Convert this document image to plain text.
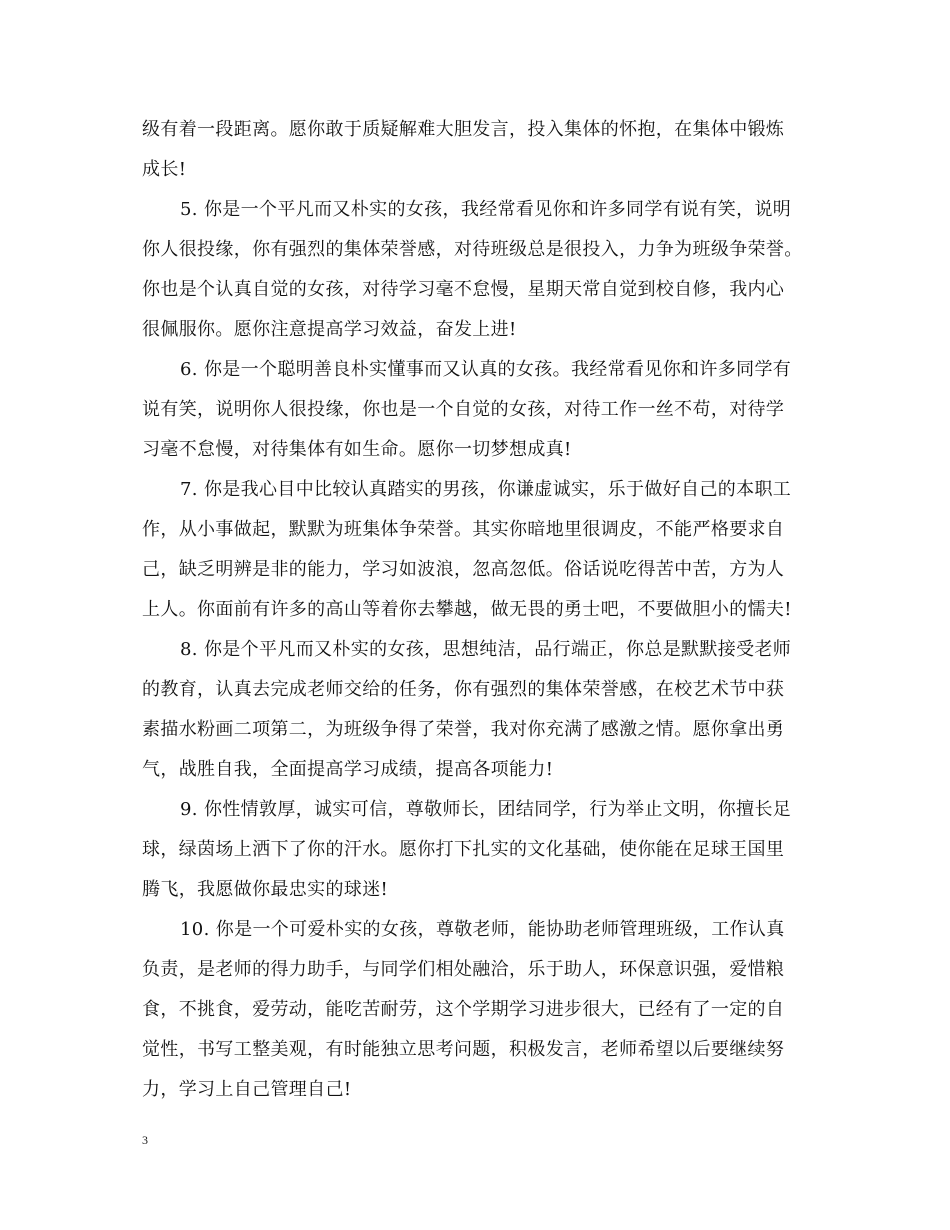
级有着一段距离。愿你敢于质疑解难大胆发言，投入集体的怀抱，在集体中锻炼
成长!
5. 你是一个平凡而又朴实的女孩，我经常看见你和许多同学有说有笑，说明
你人很投缘，你有强烈的集体荣誉感，对待班级总是很投入，力争为班级争荣誉。
你也是个认真自觉的女孩，对待学习毫不怠慢，星期天常自觉到校自修，我内心
很佩服你。愿你注意提高学习效益，奋发上进!
6. 你是一个聪明善良朴实懂事而又认真的女孩。我经常看见你和许多同学有
说有笑，说明你人很投缘，你也是一个自觉的女孩，对待工作一丝不苟，对待学
习毫不怠慢，对待集体有如生命。愿你一切梦想成真!
7. 你是我心目中比较认真踏实的男孩，你谦虚诚实，乐于做好自己的本职工
作，从小事做起，默默为班集体争荣誉。其实你暗地里很调皮，不能严格要求自
己，缺乏明辨是非的能力，学习如波浪，忽高忽低。俗话说吃得苦中苦，方为人
上人。你面前有许多的高山等着你去攀越，做无畏的勇士吧，不要做胆小的懦夫!
8. 你是个平凡而又朴实的女孩，思想纯洁，品行端正，你总是默默接受老师
的教育，认真去完成老师交给的任务，你有强烈的集体荣誉感，在校艺术节中获
素描水粉画二项第二，为班级争得了荣誉，我对你充满了感激之情。愿你拿出勇
气，战胜自我，全面提高学习成绩，提高各项能力!
9. 你性情敦厚，诚实可信，尊敬师长，团结同学，行为举止文明，你擅长足
球，绿茵场上洒下了你的汗水。愿你打下扎实的文化基础，使你能在足球王国里
腾飞，我愿做你最忠实的球迷!
10. 你是一个可爱朴实的女孩，尊敬老师，能协助老师管理班级，工作认真
负责，是老师的得力助手，与同学们相处融洽，乐于助人，环保意识强，爱惜粮
食，不挑食，爱劳动，能吃苦耐劳，这个学期学习进步很大，已经有了一定的自
觉性，书写工整美观，有时能独立思考问题，积极发言，老师希望以后要继续努
力，学习上自己管理自己!
3
